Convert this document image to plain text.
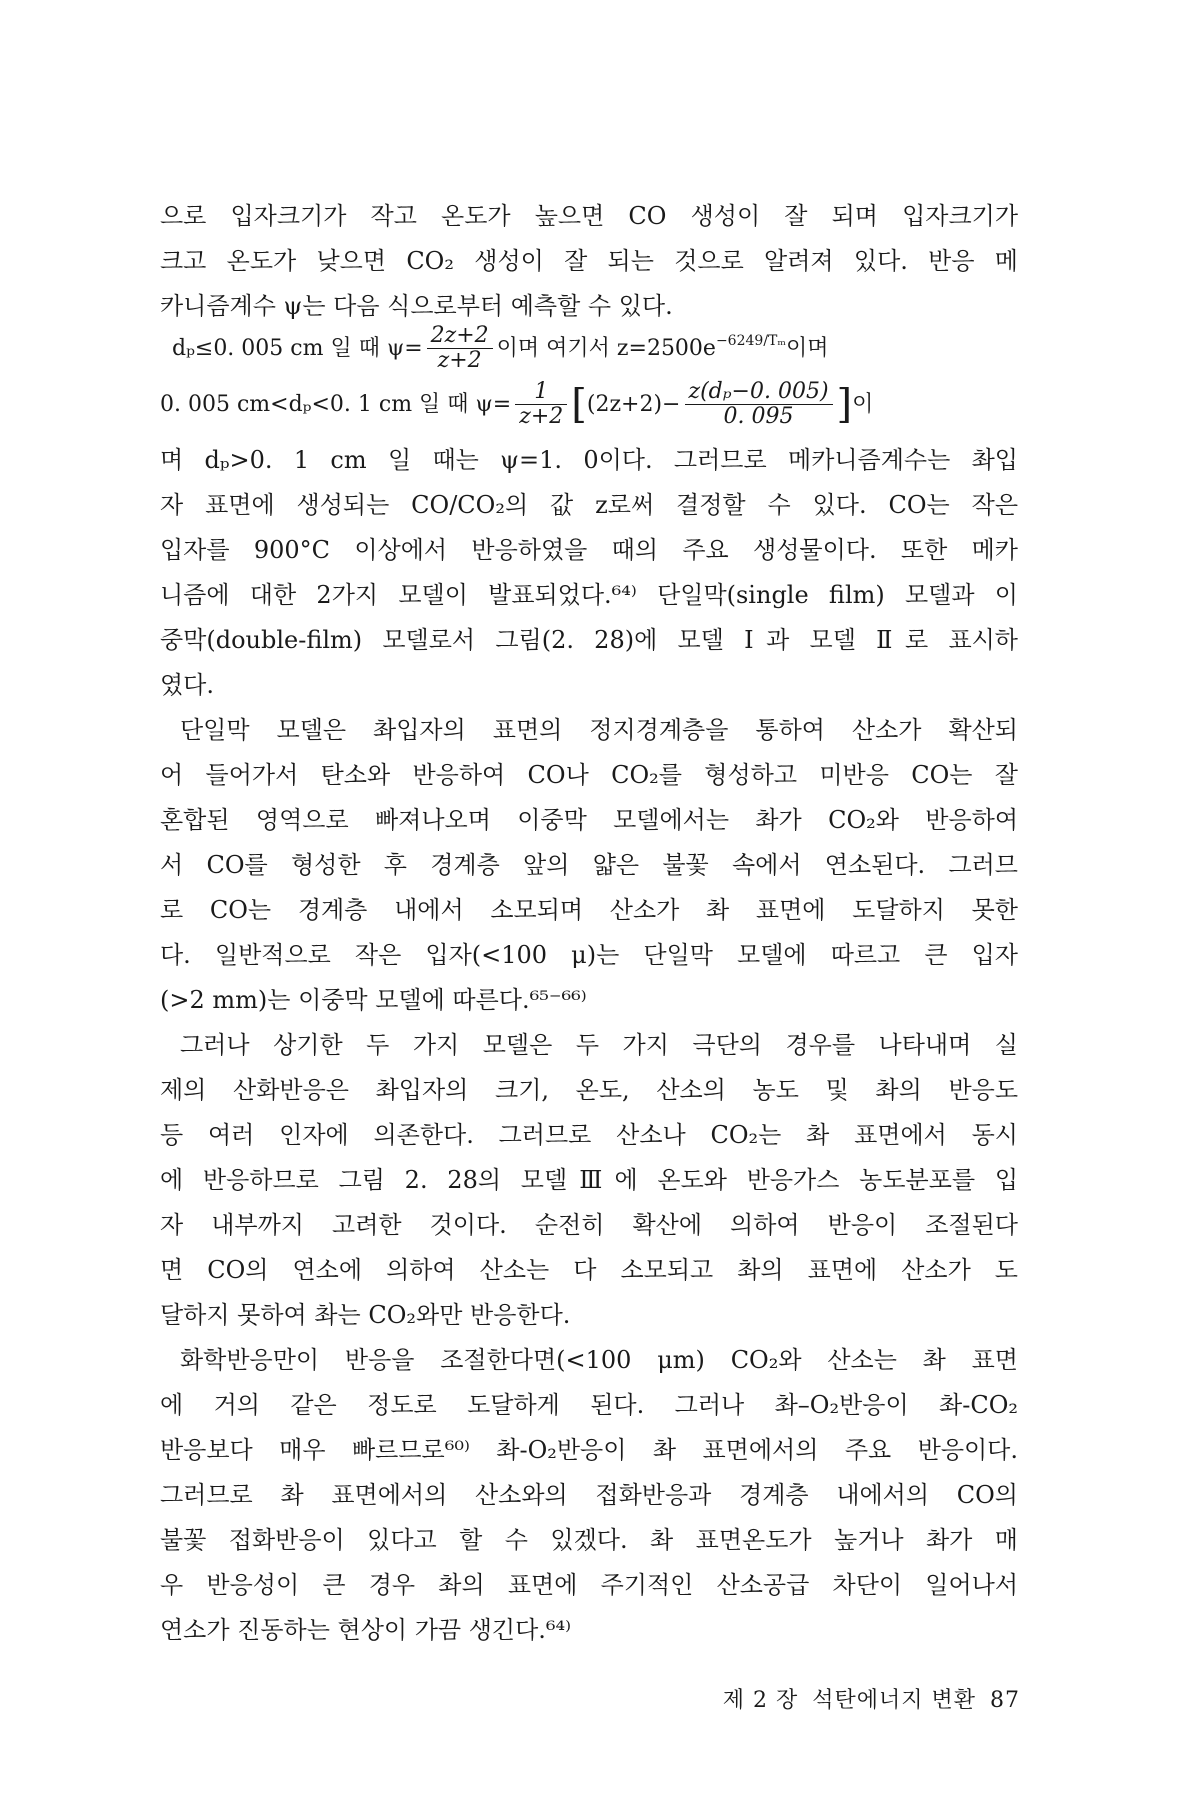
으로 입자크기가 작고 온도가 높으면 CO 생성이 잘 되며 입자크기가
크고 온도가 낮으면 CO₂ 생성이 잘 되는 것으로 알려져 있다. 반응 메
카니즘계수 ψ는 다음 식으로부터 예측할 수 있다.
dₚ≤0. 005 cm 일 때 $\psi= \frac{2z+2}{z+2}$ 이며 여기서 $z=2500e^{-6249/T_m}$이며
0. 005 cm<dₚ<0. 1 cm 일 때 $\psi= \frac{1}{z+2} [(2z+2)- \frac{\text{z(dₚ−0. 005)}}{0. 095}$ ]이
며 dₚ>0. 1 cm 일 때는 ψ=1. 0이다. 그러므로 메카니즘계수는 촤입
자 표면에 생성되는 CO/CO₂의 값 z로써 결정할 수 있다. CO는 작은
입자를 900°C 이상에서 반응하였을 때의 주요 생성물이다. 또한 메카
니즘에 대한 2가지 모델이 발표되었다.⁶⁴⁾ 단일막(single film) 모델과 이
중막(double-film) 모델로서 그림(2. 28)에 모델 Ⅰ과 모델 Ⅱ로 표시하
였다.
단일막 모델은 촤입자의 표면의 정지경계층을 통하여 산소가 확산되
어 들어가서 탄소와 반응하여 CO나 CO₂를 형성하고 미반응 CO는 잘
혼합된 영역으로 빠져나오며 이중막 모델에서는 촤가 CO₂와 반응하여
서 CO를 형성한 후 경계층 앞의 얇은 불꽃 속에서 연소된다. 그러므
로 CO는 경계층 내에서 소모되며 산소가 촤 표면에 도달하지 못한
다. 일반적으로 작은 입자(<100 μ)는 단일막 모델에 따르고 큰 입자
(>2 mm)는 이중막 모델에 따른다.⁶⁵⁻⁶⁶⁾
그러나 상기한 두 가지 모델은 두 가지 극단의 경우를 나타내며 실
제의 산화반응은 촤입자의 크기, 온도, 산소의 농도 및 촤의 반응도
등 여러 인자에 의존한다. 그러므로 산소나 CO₂는 촤 표면에서 동시
에 반응하므로 그림 2. 28의 모델Ⅲ에 온도와 반응가스 농도분포를 입
자 내부까지 고려한 것이다. 순전히 확산에 의하여 반응이 조절된다
면 CO의 연소에 의하여 산소는 다 소모되고 촤의 표면에 산소가 도
달하지 못하여 촤는 CO₂와만 반응한다.
화학반응만이 반응을 조절한다면(<100 μm) CO₂와 산소는 촤 표면
에 거의 같은 정도로 도달하게 된다. 그러나 촤–O₂반응이 촤-CO₂
반응보다 매우 빠르므로⁶⁰⁾ 촤-O₂반응이 촤 표면에서의 주요 반응이다.
그러므로 촤 표면에서의 산소와의 접화반응과 경계층 내에서의 CO의
불꽃 접화반응이 있다고 할 수 있겠다. 촤 표면온도가 높거나 촤가 매
우 반응성이 큰 경우 촤의 표면에 주기적인 산소공급 차단이 일어나서
연소가 진동하는 현상이 가끔 생긴다.⁶⁴⁾
제 2 장 석탄에너지 변환 87
